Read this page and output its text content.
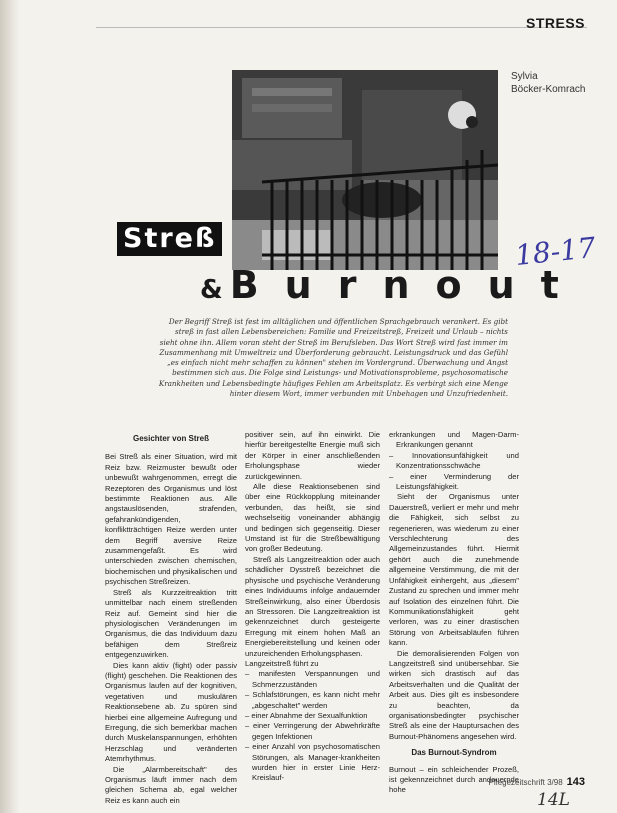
STRESS
Sylvia
Böcker-Komrach
Streß
& Burnout
18-17
Der Begriff Streß ist fest im alltäglichen und öffentlichen Sprachgebrauch verankert. Es gibt streß in fast allen Lebensbereichen: Familie und Freizeitstreß, Freizeit und Urlaub – nichts sieht ohne ihn. Allem voran steht der Streß im Berufsleben. Das Wort Streß wird fast immer im Zusammenhang mit Umweltreiz und Überforderung gebraucht. Leistungsdruck und das Gefühl „es einfach nicht mehr schaffen zu können" stehen im Vordergrund. Überwachung und Angst bestimmen sich aus. Die Folge sind Leistungs- und Motivationsprobleme, psychosomatische Krankheiten und Lebensbedingte häufiges Fehlen am Arbeitsplatz. Es verbirgt sich eine Menge hinter diesem Wort, immer verbunden mit Unbehagen und Unzufriedenheit.
Gesichter von Streß

Bei Streß als einer Situation, wird mit Reiz bzw. Reizmuster bewußt oder unbewußt wahrgenommen, erregt die Rezeptoren des Organismus und löst bestimmte Reaktionen aus. Alle angstauslösenden, strafenden, gefahrankündigenden, konfliktträchtigen Reize werden unter dem Begriff aversive Reize zusammengefaßt. Es wird unterschieden zwischen chemischen, biochemischen und physikalischen und psychischen Streßreizen.

Streß als Kurzzeitreaktion tritt unmittelbar nach einem streßenden Reiz auf. Gemeint sind hier die physiologischen Veränderungen im Organismus, die das Individuum dazu befähigen dem Streßreiz entgegenzuwirken.

Dies kann aktiv (fight) oder passiv (flight) geschehen. Die Reaktionen des Organismus laufen auf der kognitiven, vegetativen und muskulären Reaktionsebene ab. Zu spüren sind hierbei eine allgemeine Aufregung und Erregung, die sich bemerkbar machen durch Muskelanspannungen, erhöhten Herzschlag und veränderten Atemrhythmus.

Die „Alarmbereitschaft" des Organismus läuft immer nach dem gleichen Schema ab, egal welcher Reiz es kann auch ein

positiver sein, auf ihn einwirkt. Die hierfür bereitgestellte Energie muß sich der Körper in einer anschließenden Erholungsphase wieder zurückgewinnen.

Alle diese Reaktionsebenen sind über eine Rückkopplung miteinander verbunden, das heißt, sie sind wechselseitig voneinander abhängig und bedingen sich gegenseitig. Dieser Umstand ist für die Streßbewältigung von großer Bedeutung.

Streß als Langzeitreaktion oder auch schädlicher Dysstreß bezeichnet die physische und psychische Veränderung eines Individuums infolge andauernder Streßeinwirkung, also einer Überdosis an Stressoren. Die Langzeitreaktion ist gekennzeichnet durch gesteigerte Erregung mit einem hohen Maß an Energiebereitstellung und keinen oder unzureichenden Erholungsphasen.

Langzeitstreß führt zu

– manifesten Verspannungen und Schmerzzuständen
– Schlafstörungen, es kann nicht mehr „abgeschaltet" werden
– einer Abnahme der Sexualfunktion
– einer Verringerung der Abwehrkräfte gegen Infektionen
– einer Anzahl von psychosomatischen Störungen, als Manager-krankheiten wurden hier in erster Linie Herz-Kreislauf-
erkrankungen und Magen-Darm-Erkrankungen genannt
– Innovationsunfähigkeit und Konzentrationsschwäche
– einer Verminderung der Leistungsfähigkeit.

Sieht der Organismus unter Dauerstreß, verliert er mehr und mehr die Fähigkeit, sich selbst zu regenerieren, was wiederum zu einer Verschlechterung des Allgemeinzustandes führt. Hiermit gehört auch die zunehmende allgemeine Verstimmung, die mit der Unfähigkeit einhergeht, aus „diesem" Zustand zu sprechen und immer mehr auf Isolation des einzelnen führt. Die Kommunikationsfähigkeit geht verloren, was zu einer drastischen Störung von Arbeitsabläufen führen kann.

Die demoralisierenden Folgen von Langzeitstreß sind unübersehbar. Sie wirken sich drastisch auf das Arbeitsverhalten und die Qualität der Arbeit aus. Dies gilt es insbesondere zu beachten, da organisationsbedingter psychischer Streß als eine der Hauptursachen des Burnout-Phänomens angesehen wird.

Das Burnout-Syndrom

Burnout – ein schleichender Prozeß, ist gekennzeichnet durch andauernde hohe

Pflegezeitschrift 3/98 143
14L
